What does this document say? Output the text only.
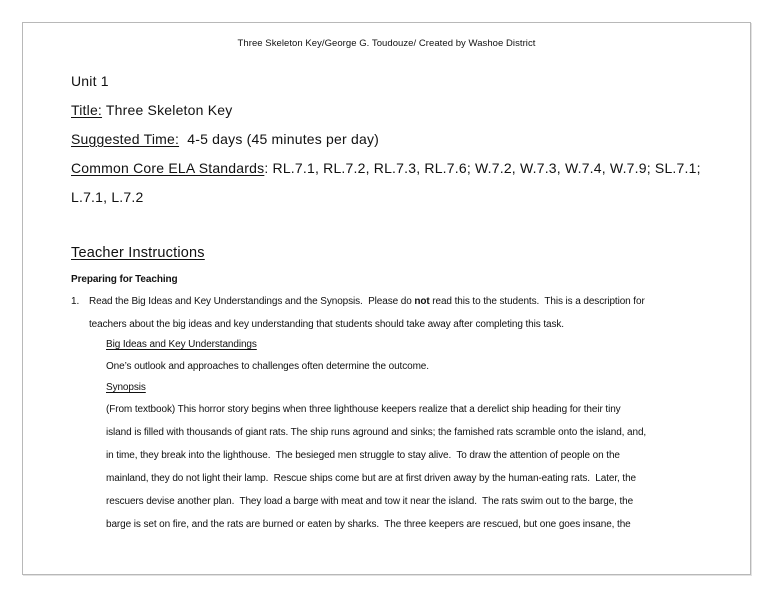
Three Skeleton Key/George G. Toudouze/ Created by Washoe District
Unit 1
Title: Three Skeleton Key
Suggested Time:  4-5 days (45 minutes per day)
Common Core ELA Standards: RL.7.1, RL.7.2, RL.7.3, RL.7.6; W.7.2, W.7.3, W.7.4, W.7.9; SL.7.1;
L.7.1, L.7.2
Teacher Instructions
Preparing for Teaching
1. Read the Big Ideas and Key Understandings and the Synopsis.  Please do not read this to the students.  This is a description for
teachers about the big ideas and key understanding that students should take away after completing this task.
Big Ideas and Key Understandings
One’s outlook and approaches to challenges often determine the outcome.
Synopsis
(From textbook) This horror story begins when three lighthouse keepers realize that a derelict ship heading for their tiny
island is filled with thousands of giant rats. The ship runs aground and sinks; the famished rats scramble onto the island, and,
in time, they break into the lighthouse.  The besieged men struggle to stay alive.  To draw the attention of people on the
mainland, they do not light their lamp.  Rescue ships come but are at first driven away by the human-eating rats.  Later, the
rescuers devise another plan.  They load a barge with meat and tow it near the island.  The rats swim out to the barge, the
barge is set on fire, and the rats are burned or eaten by sharks.  The three keepers are rescued, but one goes insane, the
